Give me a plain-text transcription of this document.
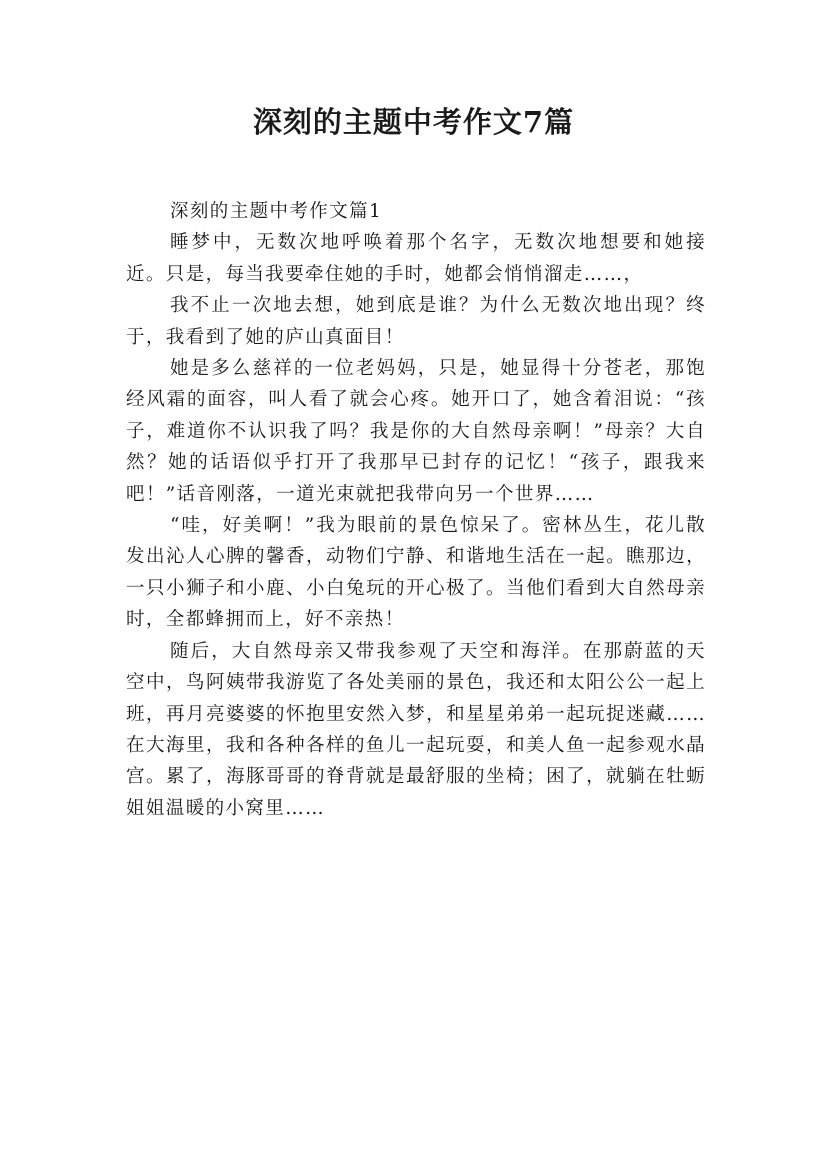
深刻的主题中考作文7篇

深刻的主题中考作文篇1

睡梦中，无数次地呼唤着那个名字，无数次地想要和她接近。只是，每当我要牵住她的手时，她都会悄悄溜走……，

我不止一次地去想，她到底是谁？为什么无数次地出现？终于，我看到了她的庐山真面目！

她是多么慈祥的一位老妈妈，只是，她显得十分苍老，那饱经风霜的面容，叫人看了就会心疼。她开口了，她含着泪说：“孩子，难道你不认识我了吗？我是你的大自然母亲啊！”母亲？大自然？她的话语似乎打开了我那早已封存的记忆！“孩子，跟我来吧！”话音刚落，一道光束就把我带向另一个世界……

“哇，好美啊！”我为眼前的景色惊呆了。密林丛生，花儿散发出沁人心脾的馨香，动物们宁静、和谐地生活在一起。瞧那边，一只小狮子和小鹿、小白兔玩的开心极了。当他们看到大自然母亲时，全都蜂拥而上，好不亲热！

随后，大自然母亲又带我参观了天空和海洋。在那蔚蓝的天空中，鸟阿姨带我游览了各处美丽的景色，我还和太阳公公一起上班，再月亮婆婆的怀抱里安然入梦，和星星弟弟一起玩捉迷藏……在大海里，我和各种各样的鱼儿一起玩耍，和美人鱼一起参观水晶宫。累了，海豚哥哥的脊背就是最舒服的坐椅；困了，就躺在牡蛎姐姐温暖的小窝里……
